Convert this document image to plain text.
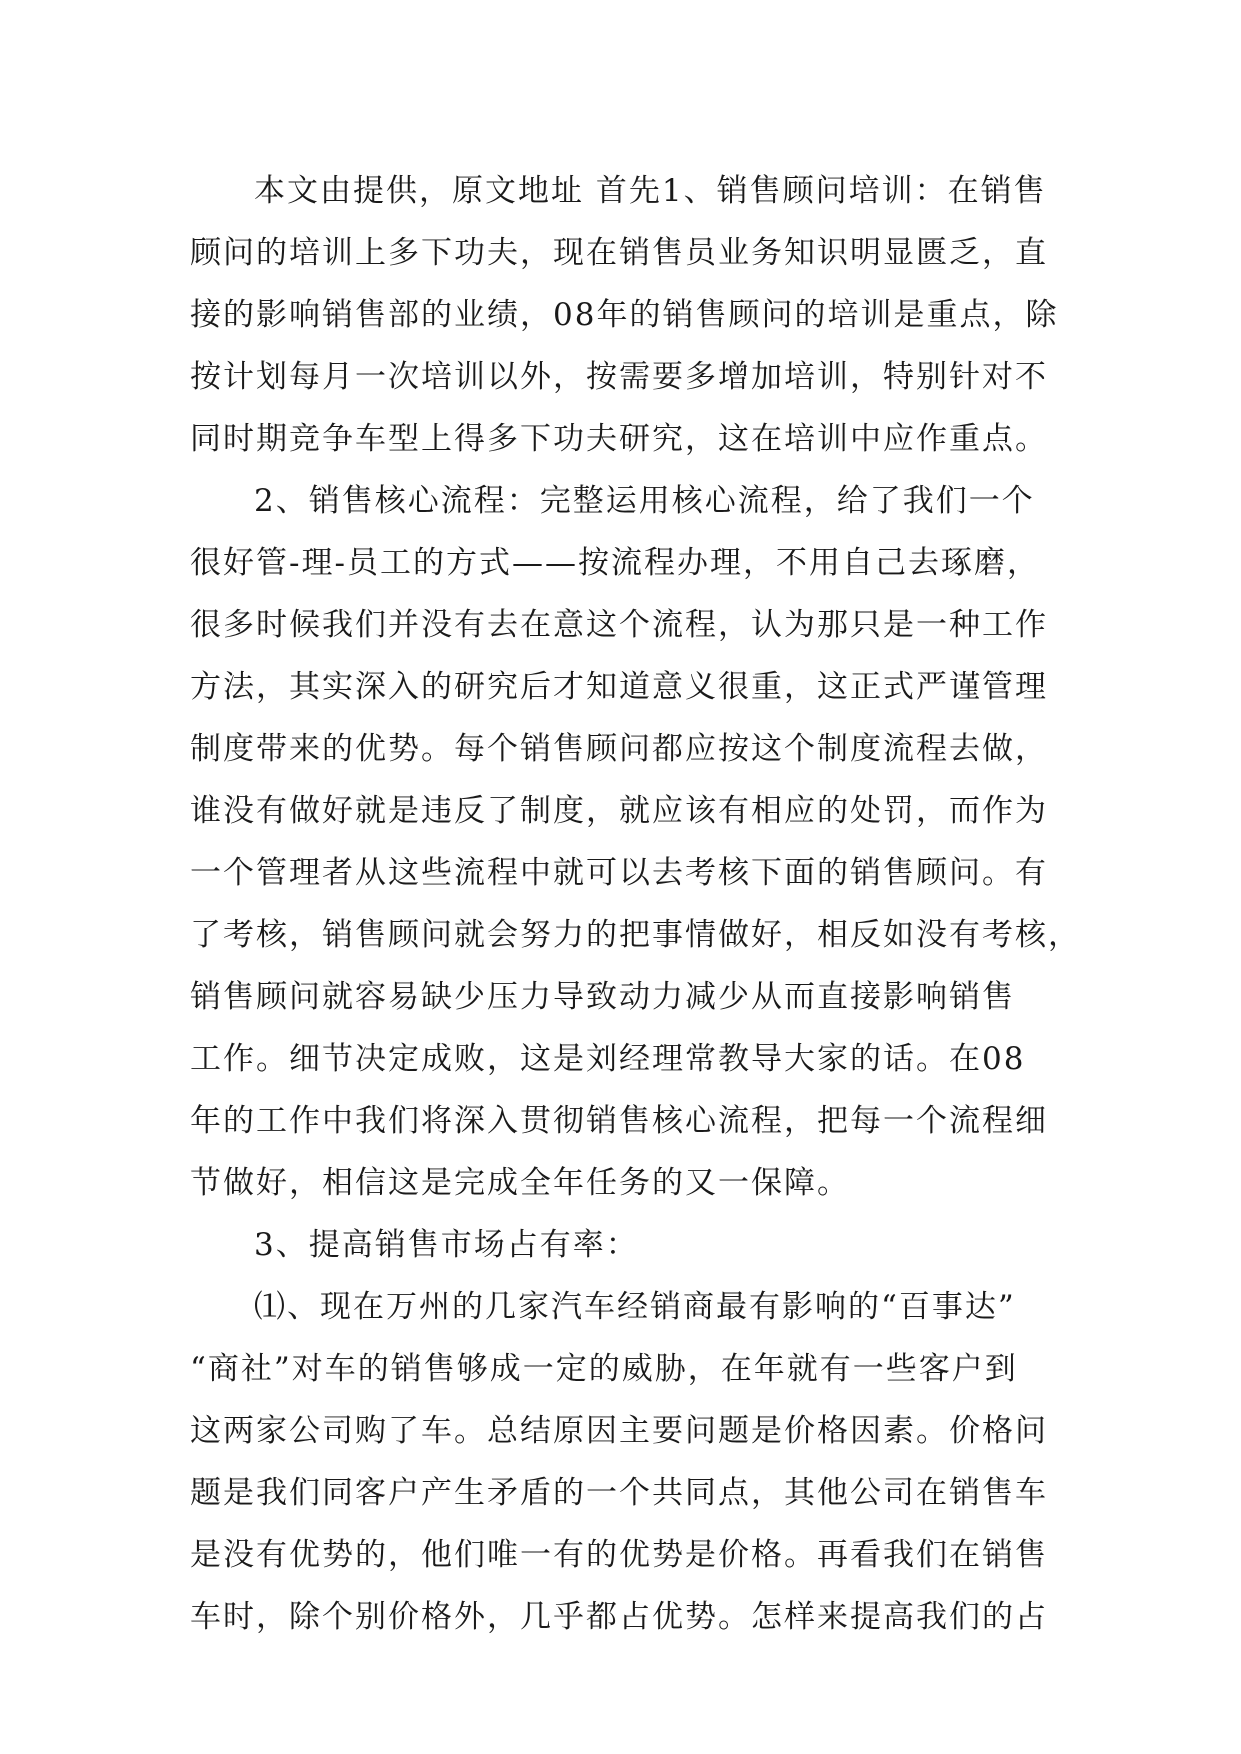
本文由提供，原文地址 首先1、销售顾问培训：在销售
顾问的培训上多下功夫，现在销售员业务知识明显匮乏，直
接的影响销售部的业绩，08年的销售顾问的培训是重点，除
按计划每月一次培训以外，按需要多增加培训，特别针对不
同时期竞争车型上得多下功夫研究，这在培训中应作重点。
2、销售核心流程：完整运用核心流程，给了我们一个
很好管-理-员工的方式——按流程办理，不用自己去琢磨，
很多时候我们并没有去在意这个流程，认为那只是一种工作
方法，其实深入的研究后才知道意义很重，这正式严谨管理
制度带来的优势。每个销售顾问都应按这个制度流程去做，
谁没有做好就是违反了制度，就应该有相应的处罚，而作为
一个管理者从这些流程中就可以去考核下面的销售顾问。有
了考核，销售顾问就会努力的把事情做好，相反如没有考核，
销售顾问就容易缺少压力导致动力减少从而直接影响销售
工作。细节决定成败，这是刘经理常教导大家的话。在08
年的工作中我们将深入贯彻销售核心流程，把每一个流程细
节做好，相信这是完成全年任务的又一保障。
3、提高销售市场占有率：
⑴、现在万州的几家汽车经销商最有影响的“百事达”
“商社”对车的销售够成一定的威胁，在年就有一些客户到
这两家公司购了车。总结原因主要问题是价格因素。价格问
题是我们同客户产生矛盾的一个共同点，其他公司在销售车
是没有优势的，他们唯一有的优势是价格。再看我们在销售
车时，除个别价格外，几乎都占优势。怎样来提高我们的占
